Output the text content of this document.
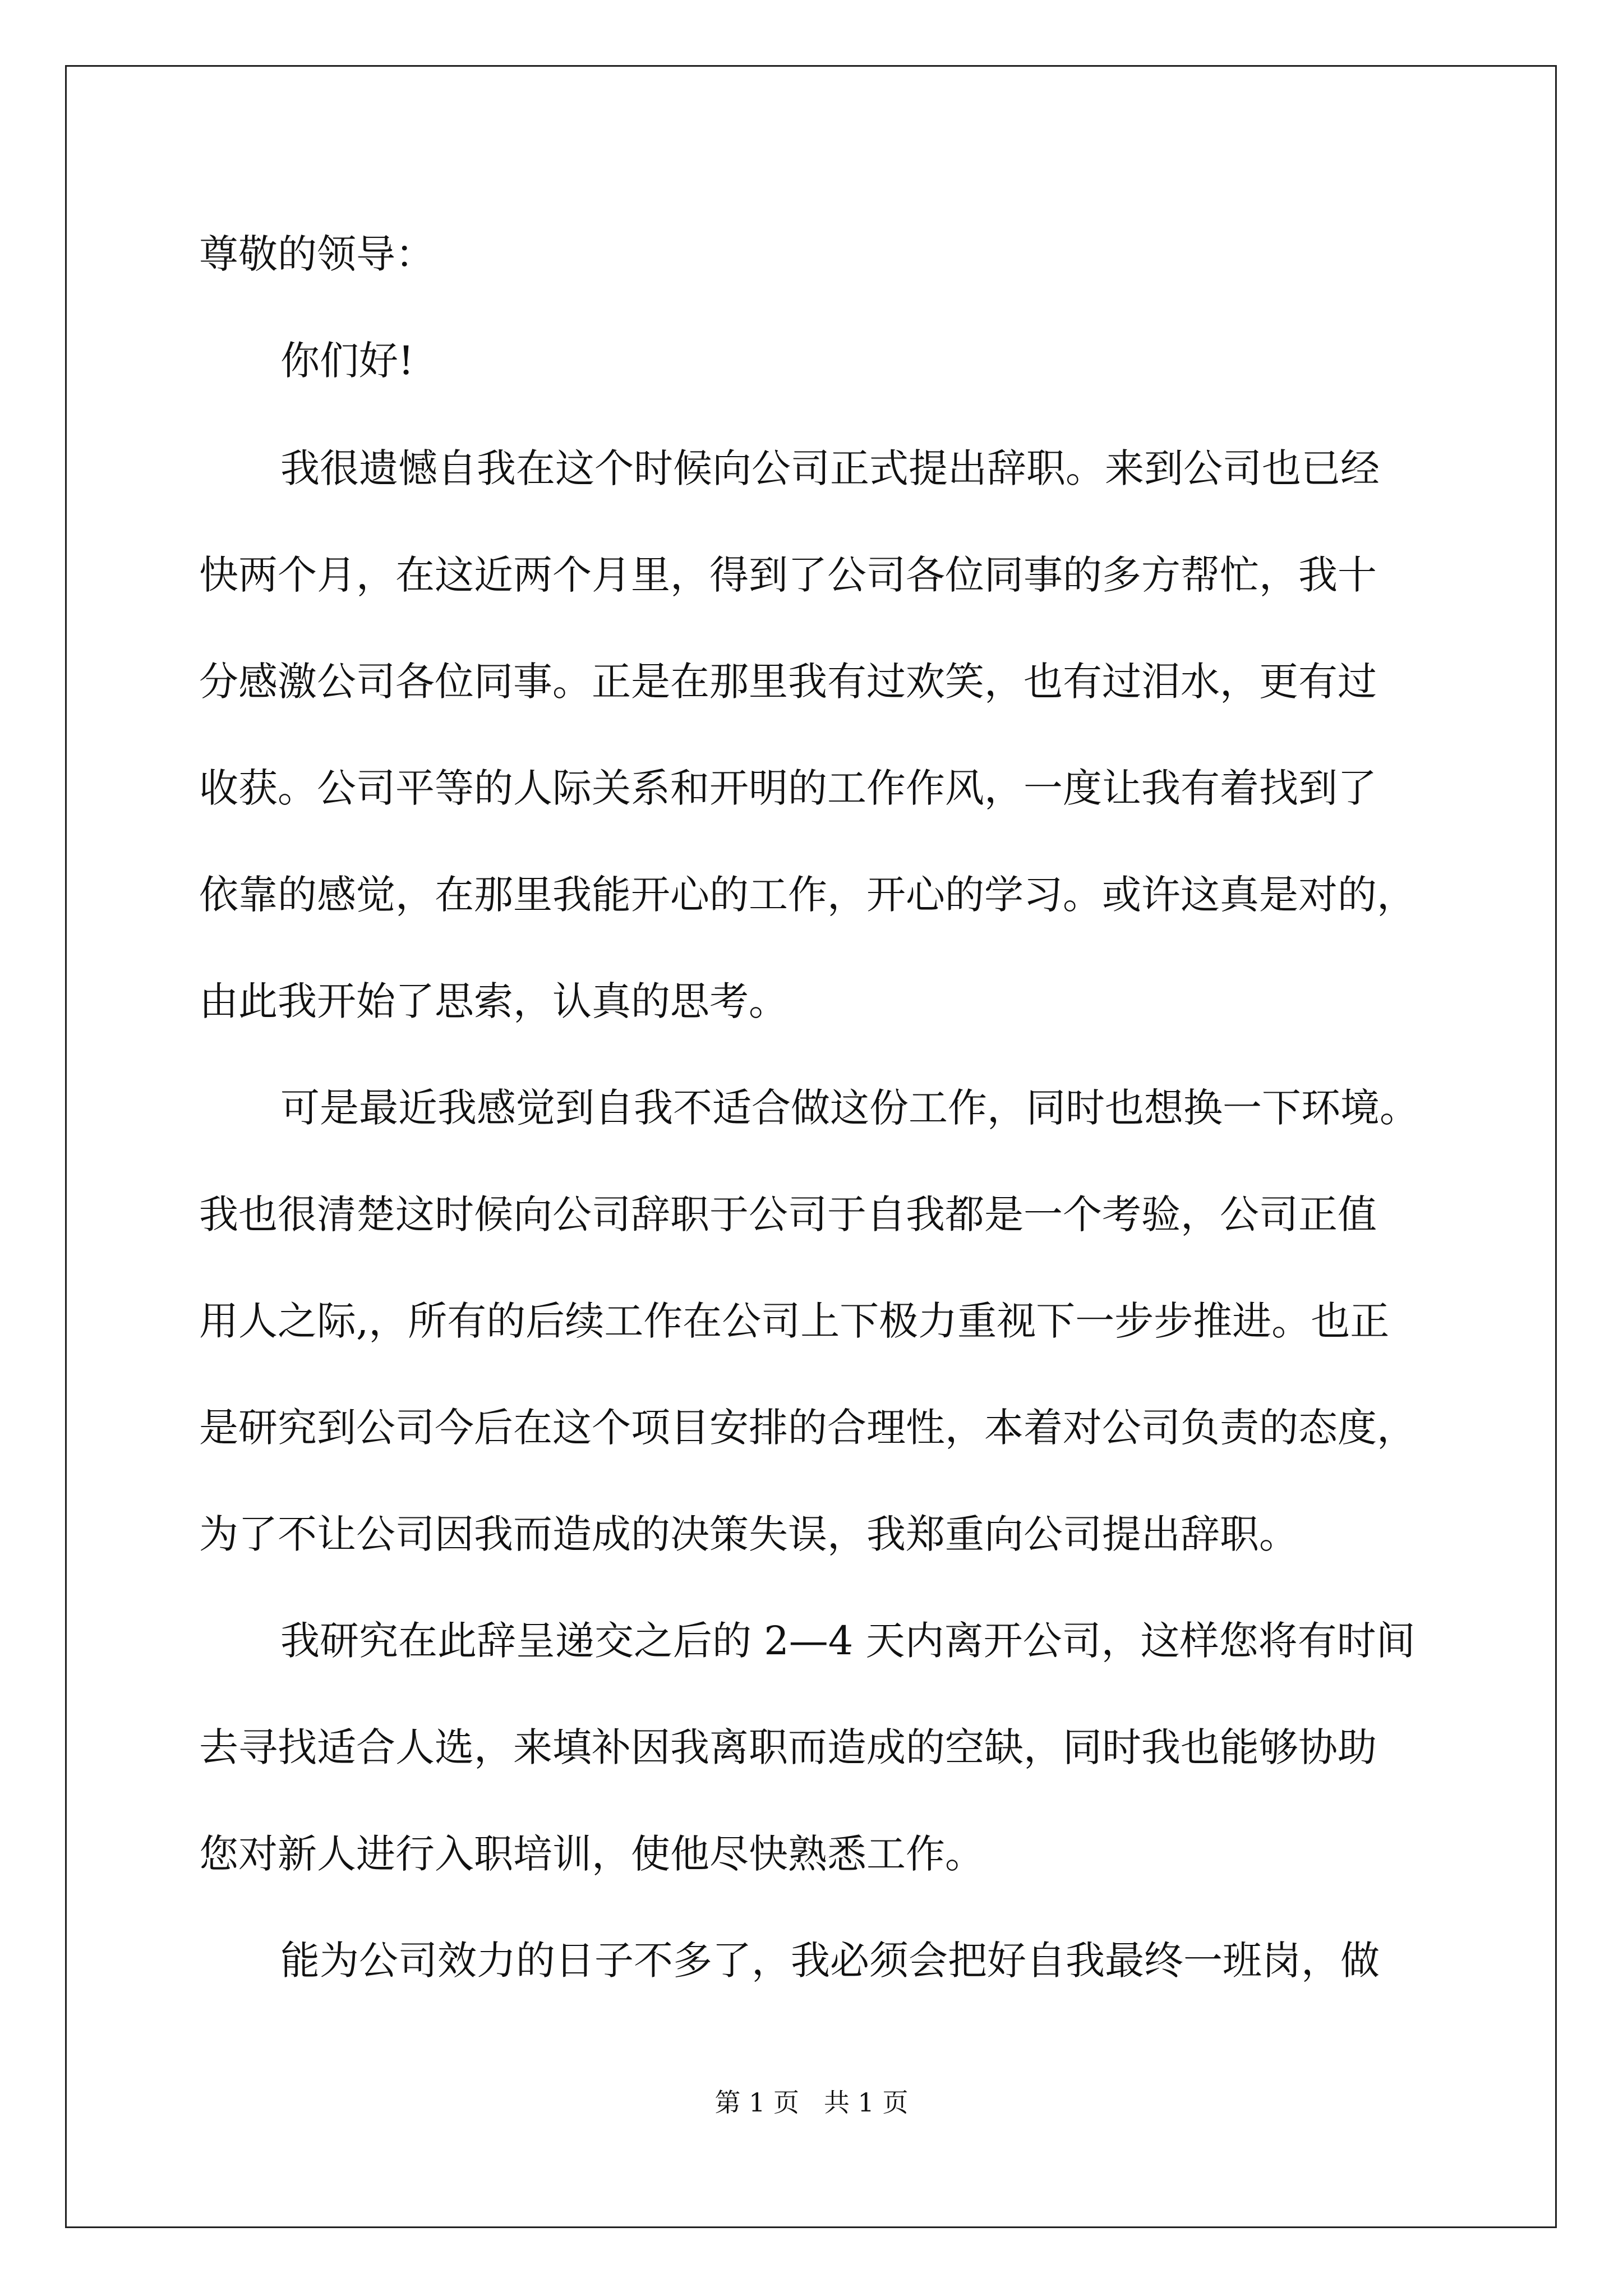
尊敬的领导：

你们好!

我很遗憾自我在这个时候向公司正式提出辞职。来到公司也已经

快两个月，在这近两个月里，得到了公司各位同事的多方帮忙，我十

分感激公司各位同事。正是在那里我有过欢笑，也有过泪水，更有过

收获。公司平等的人际关系和开明的工作作风，一度让我有着找到了

依靠的感觉，在那里我能开心的工作，开心的学习。或许这真是对的，

由此我开始了思索，认真的思考。

可是最近我感觉到自我不适合做这份工作，同时也想换一下环境。

我也很清楚这时候向公司辞职于公司于自我都是一个考验，公司正值

用人之际,，所有的后续工作在公司上下极力重视下一步步推进。也正

是研究到公司今后在这个项目安排的合理性，本着对公司负责的态度，

为了不让公司因我而造成的决策失误，我郑重向公司提出辞职。

我研究在此辞呈递交之后的 2—4 天内离开公司，这样您将有时间

去寻找适合人选，来填补因我离职而造成的空缺，同时我也能够协助

您对新人进行入职培训，使他尽快熟悉工作。

能为公司效力的日子不多了，我必须会把好自我最终一班岗，做

第 1 页 共 1 页
